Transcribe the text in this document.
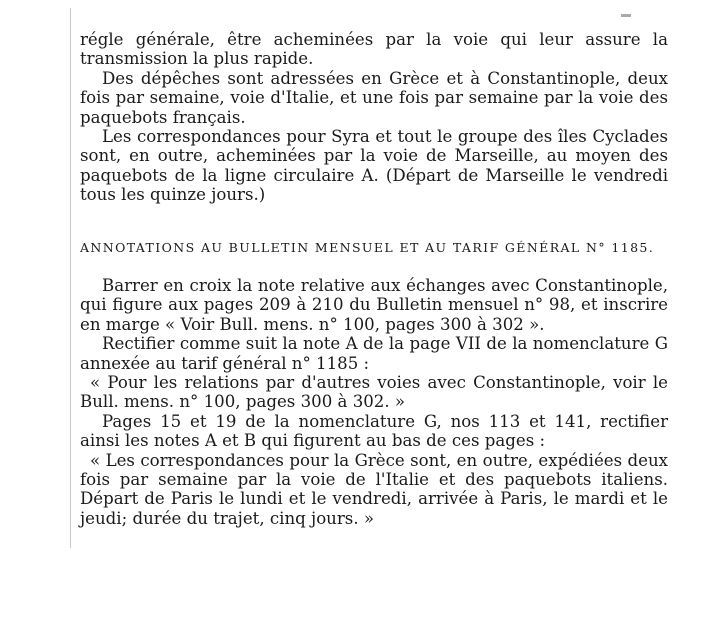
régle générale, être acheminées par la voie qui leur assure la transmission la plus rapide.

Des dépêches sont adressées en Grèce et à Constantinople, deux fois par semaine, voie d'Italie, et une fois par semaine par la voie des paquebots français.

Les correspondances pour Syra et tout le groupe des îles Cyclades sont, en outre, acheminées par la voie de Marseille, au moyen des paquebots de la ligne circulaire A. (Départ de Marseille le vendredi tous les quinze jours.)

ANNOTATIONS AU BULLETIN MENSUEL ET AU TARIF GÉNÉRAL N° 1185.

Barrer en croix la note relative aux échanges avec Constantinople, qui figure aux pages 209 à 210 du Bulletin mensuel n° 98, et inscrire en marge « Voir Bull. mens. n° 100, pages 300 à 302 ».

Rectifier comme suit la note A de la page VII de la nomenclature G annexée au tarif général n° 1185 :

« Pour les relations par d'autres voies avec Constantinople, voir le Bull. mens. n° 100, pages 300 à 302. »

Pages 15 et 19 de la nomenclature G, nos 113 et 141, rectifier ainsi les notes A et B qui figurent au bas de ces pages :

« Les correspondances pour la Grèce sont, en outre, expédiées deux fois par semaine par la voie de l'Italie et des paquebots italiens. Départ de Paris le lundi et le vendredi, arrivée à Paris, le mardi et le jeudi; durée du trajet, cinq jours. »
